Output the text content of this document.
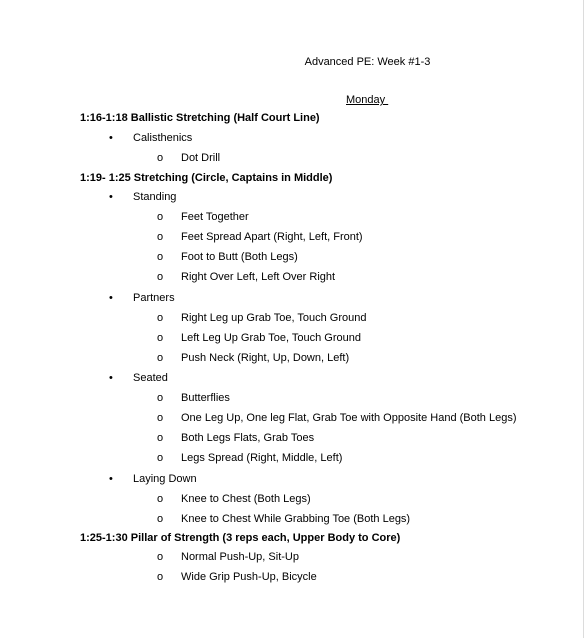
Advanced PE: Week #1-3
Monday
1:16-1:18 Ballistic Stretching (Half Court Line)
• Calisthenics
o Dot Drill
1:19- 1:25 Stretching (Circle, Captains in Middle)
• Standing
o Feet Together
o Feet Spread Apart (Right, Left, Front)
o Foot to Butt (Both Legs)
o Right Over Left, Left Over Right
• Partners
o Right Leg up Grab Toe, Touch Ground
o Left Leg Up Grab Toe, Touch Ground
o Push Neck (Right, Up, Down, Left)
• Seated
o Butterflies
o One Leg Up, One leg Flat, Grab Toe with Opposite Hand (Both Legs)
o Both Legs Flats, Grab Toes
o Legs Spread (Right, Middle, Left)
• Laying Down
o Knee to Chest (Both Legs)
o Knee to Chest While Grabbing Toe (Both Legs)
1:25-1:30 Pillar of Strength (3 reps each, Upper Body to Core)
o Normal Push-Up, Sit-Up
o Wide Grip Push-Up, Bicycle
